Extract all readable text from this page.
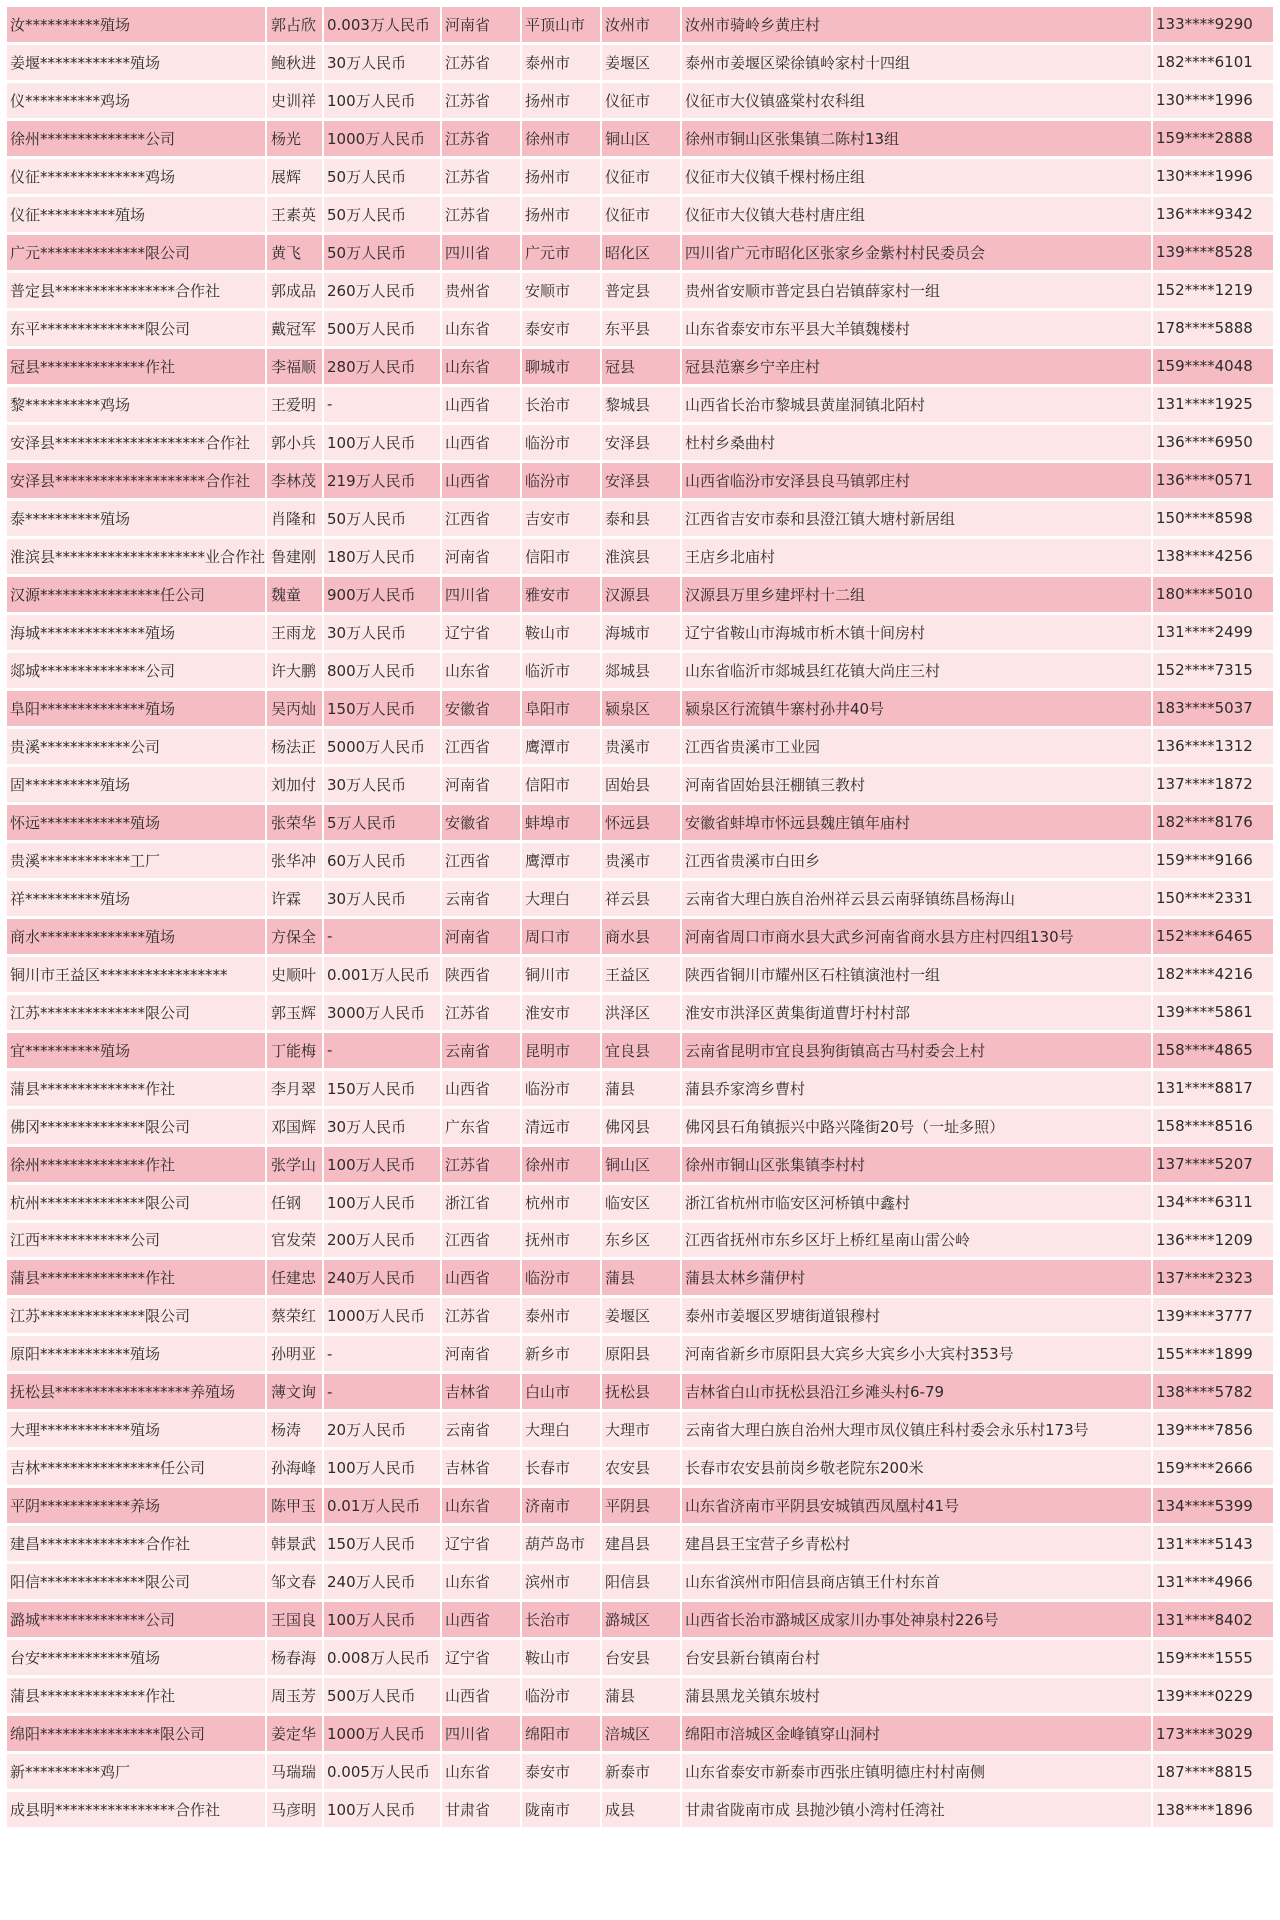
汝**********殖场	郭占欣	0.003万人民币	河南省	平顶山市	汝州市	汝州市骑岭乡黄庄村	133****9290
姜堰************殖场	鲍秋进	30万人民币	江苏省	泰州市	姜堰区	泰州市姜堰区梁徐镇岭家村十四组	182****6101
仪**********鸡场	史训祥	100万人民币	江苏省	扬州市	仪征市	仪征市大仪镇盛棠村农科组	130****1996
徐州**************公司	杨光	1000万人民币	江苏省	徐州市	铜山区	徐州市铜山区张集镇二陈村13组	159****2888
仪征**************鸡场	展辉	50万人民币	江苏省	扬州市	仪征市	仪征市大仪镇千棵村杨庄组	130****1996
仪征**********殖场	王素英	50万人民币	江苏省	扬州市	仪征市	仪征市大仪镇大巷村唐庄组	136****9342
广元**************限公司	黄飞	50万人民币	四川省	广元市	昭化区	四川省广元市昭化区张家乡金紫村村民委员会	139****8528
普定县****************合作社	郭成品	260万人民币	贵州省	安顺市	普定县	贵州省安顺市普定县白岩镇薛家村一组	152****1219
东平**************限公司	戴冠军	500万人民币	山东省	泰安市	东平县	山东省泰安市东平县大羊镇魏楼村	178****5888
冠县**************作社	李福顺	280万人民币	山东省	聊城市	冠县	冠县范寨乡宁辛庄村	159****4048
黎**********鸡场	王爱明	-	山西省	长治市	黎城县	山西省长治市黎城县黄崖洞镇北陌村	131****1925
安泽县********************合作社	郭小兵	100万人民币	山西省	临汾市	安泽县	杜村乡桑曲村	136****6950
安泽县********************合作社	李林茂	219万人民币	山西省	临汾市	安泽县	山西省临汾市安泽县良马镇郭庄村	136****0571
泰**********殖场	肖隆和	50万人民币	江西省	吉安市	泰和县	江西省吉安市泰和县澄江镇大塘村新居组	150****8598
淮滨县********************业合作社	鲁建刚	180万人民币	河南省	信阳市	淮滨县	王店乡北庙村	138****4256
汉源****************任公司	魏童	900万人民币	四川省	雅安市	汉源县	汉源县万里乡建坪村十二组	180****5010
海城**************殖场	王雨龙	30万人民币	辽宁省	鞍山市	海城市	辽宁省鞍山市海城市析木镇十间房村	131****2499
郯城**************公司	许大鹏	800万人民币	山东省	临沂市	郯城县	山东省临沂市郯城县红花镇大尚庄三村	152****7315
阜阳**************殖场	吴丙灿	150万人民币	安徽省	阜阳市	颍泉区	颍泉区行流镇牛寨村孙井40号	183****5037
贵溪************公司	杨法正	5000万人民币	江西省	鹰潭市	贵溪市	江西省贵溪市工业园	136****1312
固**********殖场	刘加付	30万人民币	河南省	信阳市	固始县	河南省固始县汪棚镇三教村	137****1872
怀远************殖场	张荣华	5万人民币	安徽省	蚌埠市	怀远县	安徽省蚌埠市怀远县魏庄镇年庙村	182****8176
贵溪************工厂	张华冲	60万人民币	江西省	鹰潭市	贵溪市	江西省贵溪市白田乡	159****9166
祥**********殖场	许霖	30万人民币	云南省	大理白	祥云县	云南省大理白族自治州祥云县云南驿镇练昌杨海山	150****2331
商水**************殖场	方保全	-	河南省	周口市	商水县	河南省周口市商水县大武乡河南省商水县方庄村四组130号	152****6465
铜川市王益区*****************	史顺叶	0.001万人民币	陕西省	铜川市	王益区	陕西省铜川市耀州区石柱镇演池村一组	182****4216
江苏**************限公司	郭玉辉	3000万人民币	江苏省	淮安市	洪泽区	淮安市洪泽区黄集街道曹圩村村部	139****5861
宜**********殖场	丁能梅	-	云南省	昆明市	宜良县	云南省昆明市宜良县狗街镇高古马村委会上村	158****4865
蒲县**************作社	李月翠	150万人民币	山西省	临汾市	蒲县	蒲县乔家湾乡曹村	131****8817
佛冈**************限公司	邓国辉	30万人民币	广东省	清远市	佛冈县	佛冈县石角镇振兴中路兴隆街20号（一址多照）	158****8516
徐州**************作社	张学山	100万人民币	江苏省	徐州市	铜山区	徐州市铜山区张集镇李村村	137****5207
杭州**************限公司	任钢	100万人民币	浙江省	杭州市	临安区	浙江省杭州市临安区河桥镇中鑫村	134****6311
江西************公司	官发荣	200万人民币	江西省	抚州市	东乡区	江西省抚州市东乡区圩上桥红星南山雷公岭	136****1209
蒲县**************作社	任建忠	240万人民币	山西省	临汾市	蒲县	蒲县太林乡蒲伊村	137****2323
江苏**************限公司	蔡荣红	1000万人民币	江苏省	泰州市	姜堰区	泰州市姜堰区罗塘街道银穆村	139****3777
原阳************殖场	孙明亚	-	河南省	新乡市	原阳县	河南省新乡市原阳县大宾乡大宾乡小大宾村353号	155****1899
抚松县******************养殖场	薄文询	-	吉林省	白山市	抚松县	吉林省白山市抚松县沿江乡滩头村6-79	138****5782
大理************殖场	杨涛	20万人民币	云南省	大理白	大理市	云南省大理白族自治州大理市凤仪镇庄科村委会永乐村173号	139****7856
吉林****************任公司	孙海峰	100万人民币	吉林省	长春市	农安县	长春市农安县前岗乡敬老院东200米	159****2666
平阴************养场	陈甲玉	0.01万人民币	山东省	济南市	平阴县	山东省济南市平阴县安城镇西凤凰村41号	134****5399
建昌**************合作社	韩景武	150万人民币	辽宁省	葫芦岛市	建昌县	建昌县王宝营子乡青松村	131****5143
阳信**************限公司	邹文春	240万人民币	山东省	滨州市	阳信县	山东省滨州市阳信县商店镇王什村东首	131****4966
潞城**************公司	王国良	100万人民币	山西省	长治市	潞城区	山西省长治市潞城区成家川办事处神泉村226号	131****8402
台安************殖场	杨春海	0.008万人民币	辽宁省	鞍山市	台安县	台安县新台镇南台村	159****1555
蒲县**************作社	周玉芳	500万人民币	山西省	临汾市	蒲县	蒲县黑龙关镇东坡村	139****0229
绵阳****************限公司	姜定华	1000万人民币	四川省	绵阳市	涪城区	绵阳市涪城区金峰镇穿山洞村	173****3029
新**********鸡厂	马瑞瑞	0.005万人民币	山东省	泰安市	新泰市	山东省泰安市新泰市西张庄镇明德庄村村南侧	187****8815
成县明****************合作社	马彦明	100万人民币	甘肃省	陇南市	成县	甘肃省陇南市成 县抛沙镇小湾村任湾社	138****1896
